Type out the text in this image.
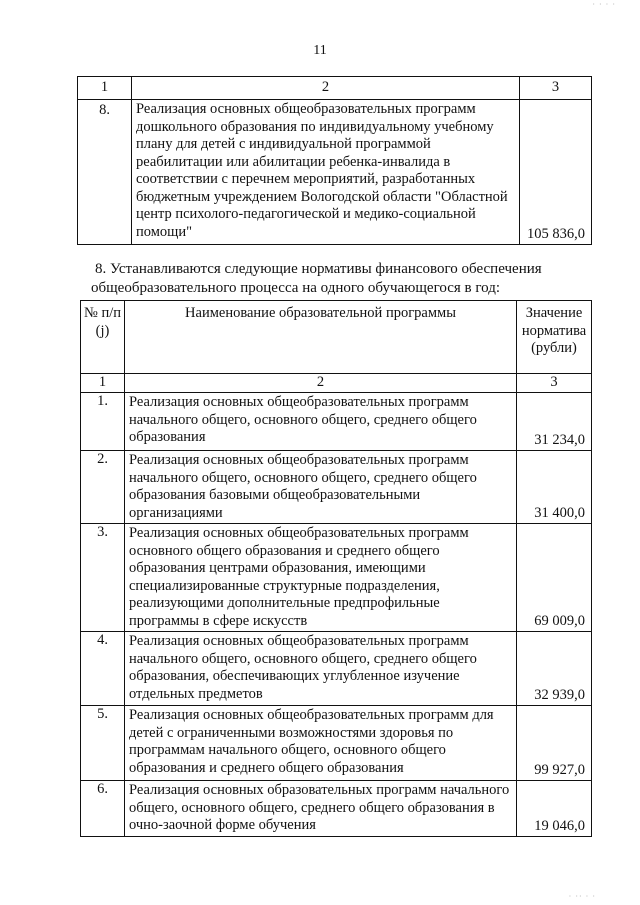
· · · ·
11
1	2	3
8.	Реализация основных общеобразовательных программ дошкольного образования по индивидуальному учебному плану для детей с индивидуальной программой реабилитации или абилитации ребенка-инвалида в соответствии с перечнем мероприятий, разработанных бюджетным учреждением Вологодской области "Областной центр психолого-педагогической и медико-социальной помощи"	105 836,0
8. Устанавливаются следующие нормативы финансового обеспечения
общеобразовательного процесса на одного обучающегося в год:
№ п/п (j)	Наименование образовательной программы	Значение норматива (рубли)
1	2	3
1.	Реализация основных общеобразовательных программ начального общего, основного общего, среднего общего образования	31 234,0
2.	Реализация основных общеобразовательных программ начального общего, основного общего, среднего общего образования базовыми общеобразовательными организациями	31 400,0
3.	Реализация основных общеобразовательных программ основного общего образования и среднего общего образования центрами образования, имеющими специализированные структурные подразделения, реализующими дополнительные предпрофильные программы в сфере искусств	69 009,0
4.	Реализация основных общеобразовательных программ начального общего, основного общего, среднего общего образования, обеспечивающих углубленное изучение отдельных предметов	32 939,0
5.	Реализация основных общеобразовательных программ для детей с ограниченными возможностями здоровья по программам начального общего, основного общего образования и среднего общего образования	99 927,0
6.	Реализация основных образовательных программ начального общего, основного общего, среднего общего образования в очно-заочной форме обучения	19 046,0
· ·· · ·
